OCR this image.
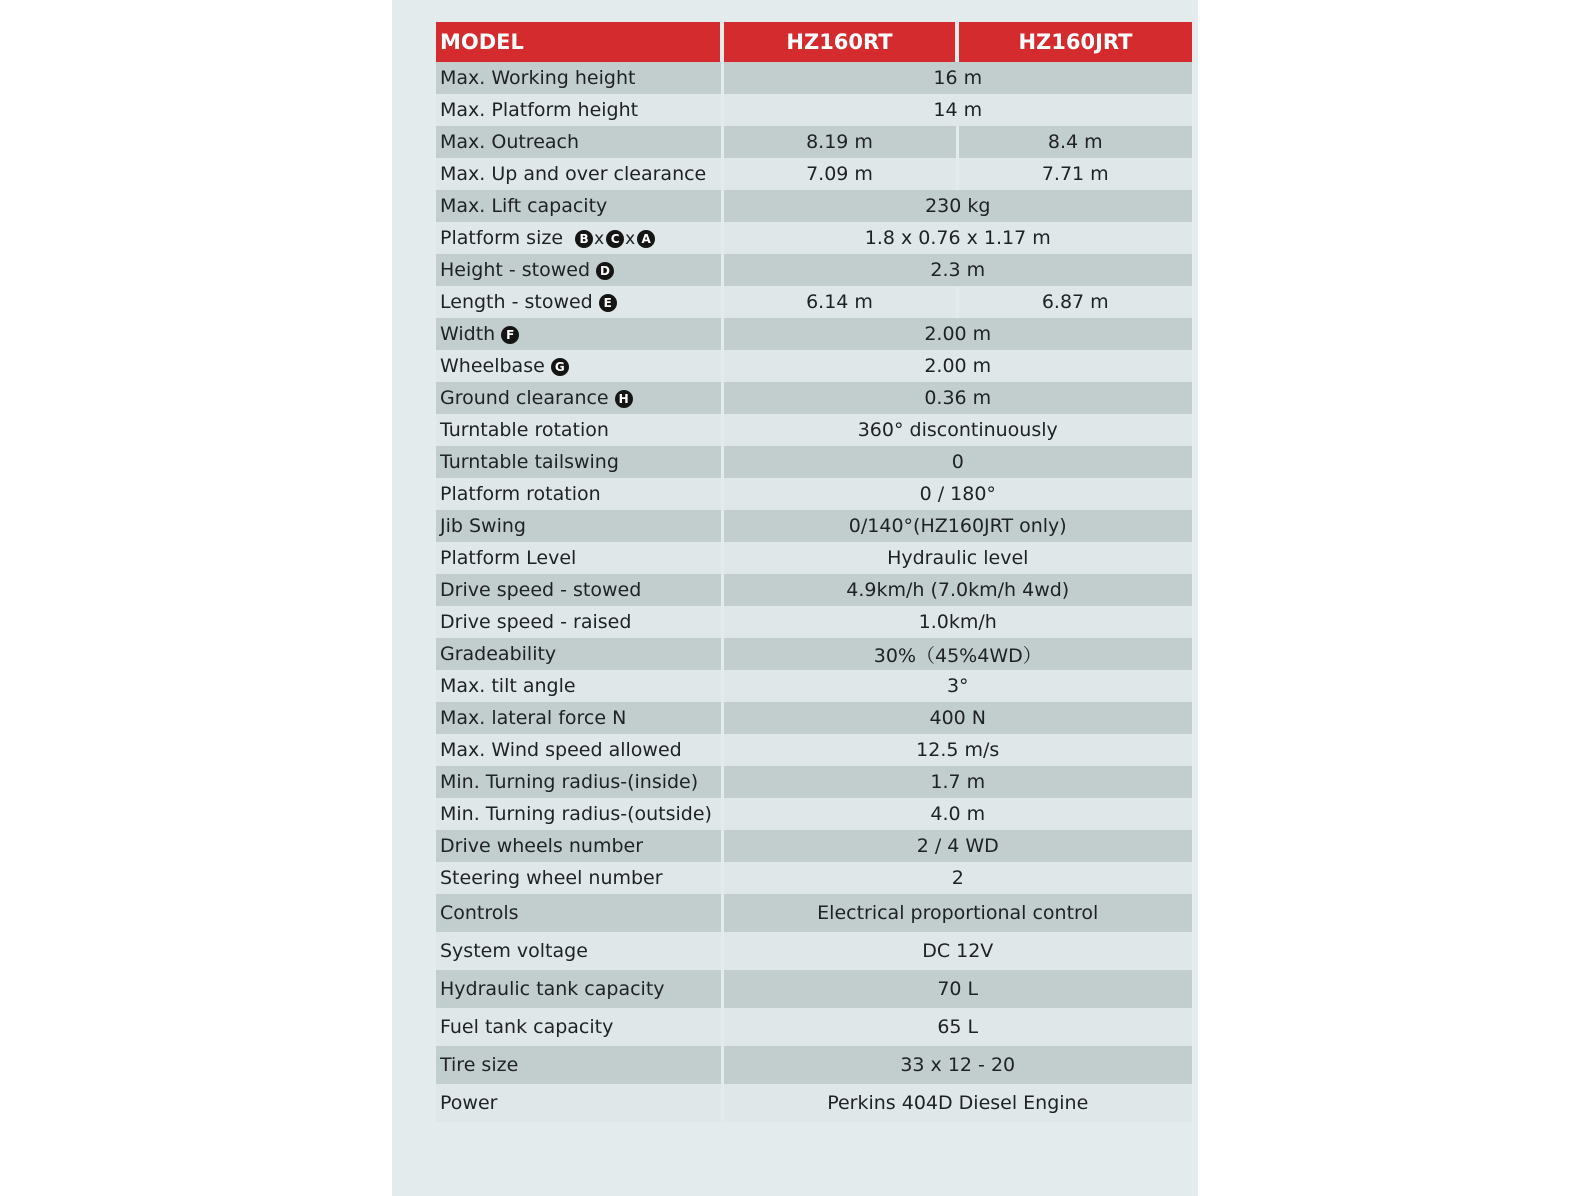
MODEL	HZ160RT	HZ160JRT
Max. Working height	16 m	
Max. Platform height	14 m	
Max. Outreach	8.19 m	8.4 m
Max. Up and over clearance	7.09 m	7.71 m
Max. Lift capacity	230 kg	
Platform size B x C x A	1.8 x 0.76 x 1.17 m	
Height - stowed D	2.3 m	
Length - stowed E	6.14 m	6.87 m
Width F	2.00 m	
Wheelbase G	2.00 m	
Ground clearance H	0.36 m	
Turntable rotation	360° discontinuously	
Turntable tailswing	0	
Platform rotation	0 / 180°	
Jib Swing	0/140°(HZ160JRT only)	
Platform Level	Hydraulic level	
Drive speed - stowed	4.9km/h (7.0km/h 4wd)	
Drive speed - raised	1.0km/h	
Gradeability	30%（45%4WD）	
Max. tilt angle	3°	
Max. lateral force N	400 N	
Max. Wind speed allowed	12.5 m/s	
Min. Turning radius-(inside)	1.7 m	
Min. Turning radius-(outside)	4.0 m	
Drive wheels number	2 / 4 WD	
Steering wheel number	2	
Controls	Electrical proportional control	
System voltage	DC 12V	
Hydraulic tank capacity	70 L	
Fuel tank capacity	65 L	
Tire size	33 x 12 - 20	
Power	Perkins 404D Diesel Engine	
